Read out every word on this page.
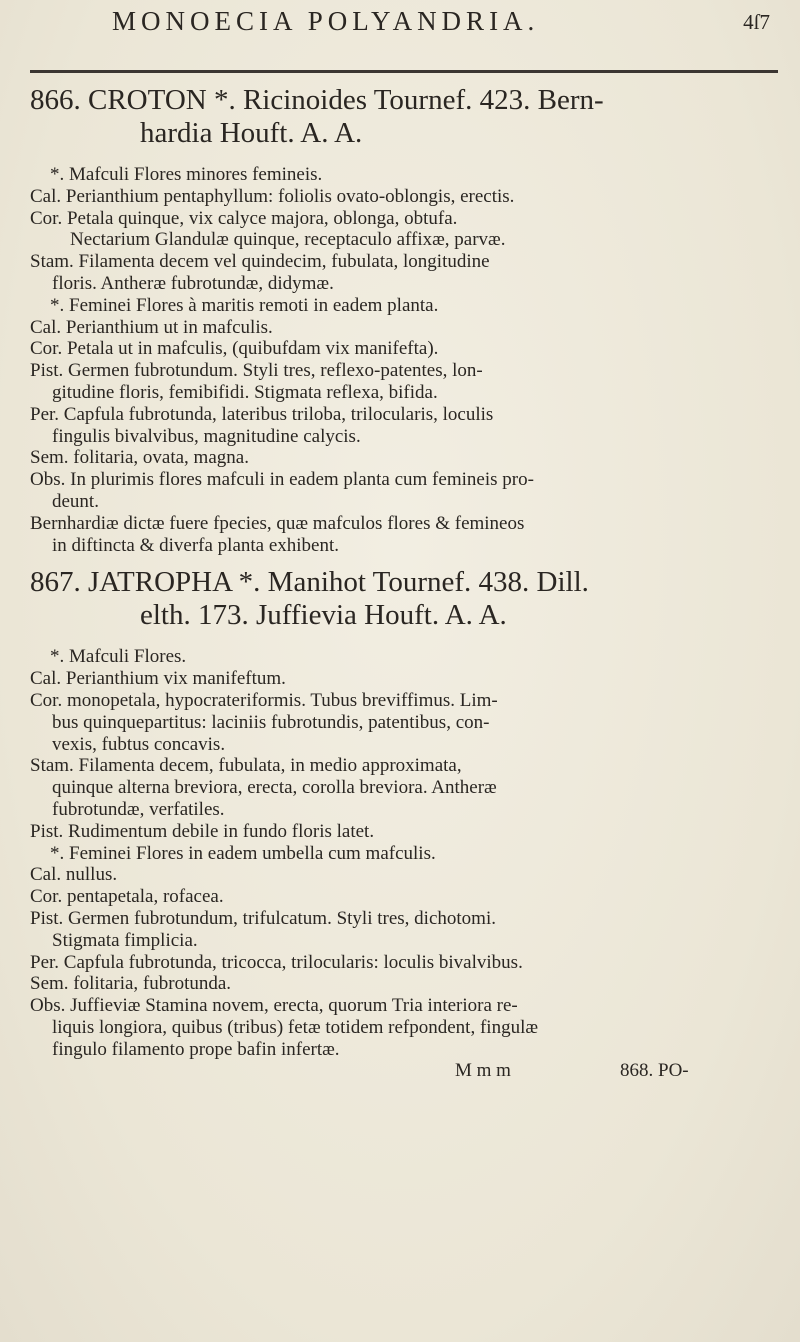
MONOECIA POLYANDRIA.	4ſ7
866. CROTON *. Ricinoides Tournef. 423. Bern‐
hardia Houft. A. A.
*. Mafculi Flores minores femineis.
Cal. Perianthium pentaphyllum: foliolis ovato-oblongis, erectis.
Cor. Petala quinque, vix calyce majora, oblonga, obtufa.
Nectarium Glandulæ quinque, receptaculo affixæ, parvæ.
Stam. Filamenta decem vel quindecim, fubulata, longitudine
floris. Antheræ fubrotundæ, didymæ.
*. Feminei Flores à maritis remoti in eadem planta.
Cal. Perianthium ut in mafculis.
Cor. Petala ut in mafculis, (quibufdam vix manifefta).
Pist. Germen fubrotundum. Styli tres, reflexo-patentes, lon‐
gitudine floris, femibifidi. Stigmata reflexa, bifida.
Per. Capfula fubrotunda, lateribus triloba, trilocularis, loculis
fingulis bivalvibus, magnitudine calycis.
Sem. folitaria, ovata, magna.
Obs. In plurimis flores mafculi in eadem planta cum femineis pro‐
deunt.
Bernhardiæ dictæ fuere fpecies, quæ mafculos flores & femineos
in diftincta & diverfa planta exhibent.
867. JATROPHA *. Manihot Tournef. 438. Dill.
elth. 173. Juffievia Houft. A. A.
*. Mafculi Flores.
Cal. Perianthium vix manifeftum.
Cor. monopetala, hypocrateriformis. Tubus breviffimus. Lim‐
bus quinquepartitus: laciniis fubrotundis, patentibus, con‐
vexis, fubtus concavis.
Stam. Filamenta decem, fubulata, in medio approximata,
quinque alterna breviora, erecta, corolla breviora. Antheræ
fubrotundæ, verfatiles.
Pist. Rudimentum debile in fundo floris latet.
*. Feminei Flores in eadem umbella cum mafculis.
Cal. nullus.
Cor. pentapetala, rofacea.
Pist. Germen fubrotundum, trifulcatum. Styli tres, dichotomi.
Stigmata fimplicia.
Per. Capfula fubrotunda, tricocca, trilocularis: loculis bivalvibus.
Sem. folitaria, fubrotunda.
Obs. Juffieviæ Stamina novem, erecta, quorum Tria interiora re‐
liquis longiora, quibus (tribus) fetæ totidem refpondent, fingulæ
fingulo filamento prope bafin infertæ.
M m m	868. PO‐
